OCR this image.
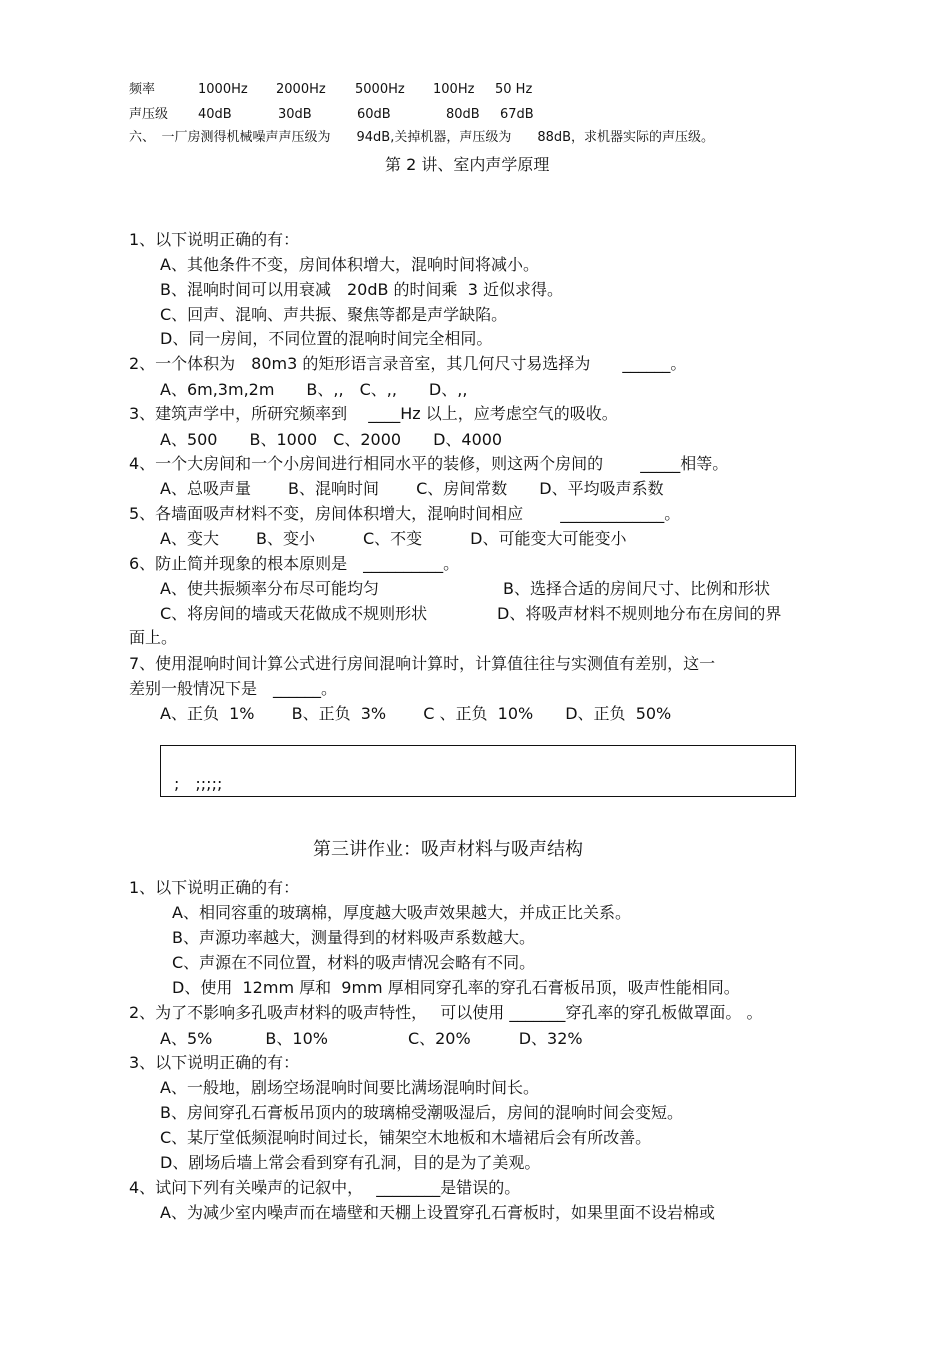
频率	1000Hz 2000Hz 5000Hz 100Hz 50 Hz
声压级 40dB	30dB	60dB	80dB 67dB
六、　一厂房测得机械噪声声压级为　　94dB,关掉机器，声压级为　　88dB，求机器实际的声压级。
第 2 讲、室内声学原理
1、以下说明正确的有：
A、其他条件不变，房间体积增大，混响时间将减小。
B、混响时间可以用衰减　20dB 的时间乘  3 近似求得。
C、回声、混响、声共振、聚焦等都是声学缺陷。
D、同一房间，不同位置的混响时间完全相同。
2、一个体积为　80m3 的矩形语言录音室，其几何尺寸易选择为　　______。
A、6m,3m,2m　　B、,,　C、,,　　D、,,
3、建筑声学中，所研究频率到　 ____Hz 以上，应考虑空气的吸收。
A、500　　B、1000　C、2000　　D、4000
4、一个大房间和一个小房间进行相同水平的装修，则这两个房间的　　 _____相等。
A、总吸声量　　 B、混响时间　　 C、房间常数　　D、平均吸声系数
5、各墙面吸声材料不变，房间体积增大，混响时间相应　　 _____________。
A、变大　　 B、变小　　　C、不变　　　D、可能变大可能变小
6、防止简并现象的根本原则是　__________。
A、使共振频率分布尽可能均匀	B、选择合适的房间尺寸、比例和形状
C、将房间的墙或天花做成不规则形状	D、将吸声材料不规则地分布在房间的界
面上。
7、使用混响时间计算公式进行房间混响计算时，计算值往往与实测值有差别，这一
差别一般情况下是　______。
A、正负  1%　　 B、正负  3%　　 C 、正负  10%　　D、正负  50%
;　;;;;;
第三讲作业：吸声材料与吸声结构
1、以下说明正确的有：
A、相同容重的玻璃棉，厚度越大吸声效果越大，并成正比关系。
B、声源功率越大，测量得到的材料吸声系数越大。
C、声源在不同位置，材料的吸声情况会略有不同。
D、使用  12mm 厚和  9mm 厚相同穿孔率的穿孔石膏板吊顶，吸声性能相同。
2、为了不影响多孔吸声材料的吸声特性，　 可以使用 _______穿孔率的穿孔板做罩面。 。
A、5%　　　 B、10%　　　　　C、20%　　　D、32%
3、以下说明正确的有：
A、一般地，剧场空场混响时间要比满场混响时间长。
B、房间穿孔石膏板吊顶内的玻璃棉受潮吸湿后，房间的混响时间会变短。
C、某厅堂低频混响时间过长，铺架空木地板和木墙裙后会有所改善。
D、剧场后墙上常会看到穿有孔洞，目的是为了美观。
4、试问下列有关噪声的记叙中，　 ________是错误的。
A、为减少室内噪声而在墙壁和天棚上设置穿孔石膏板时，如果里面不设岩棉或
